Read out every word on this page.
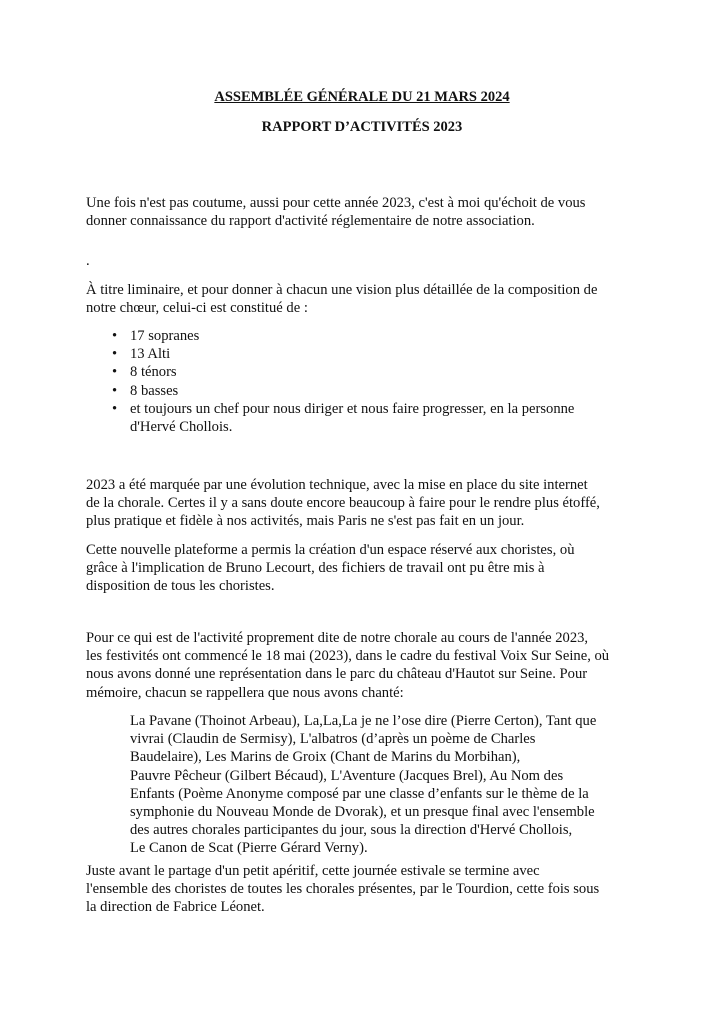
ASSEMBLÉE GÉNÉRALE DU 21 MARS 2024
RAPPORT D’ACTIVITÉS 2023
Une fois n'est pas coutume, aussi pour cette année 2023, c'est à moi qu'échoit de vous
donner connaissance du rapport d'activité réglementaire de notre association.
.
À titre liminaire, et pour donner à chacun une vision plus détaillée de la composition de
notre chœur, celui-ci est constitué de :
• 17 sopranes
• 13 Alti
• 8 ténors
• 8 basses
• et toujours un chef pour nous diriger et nous faire progresser, en la personne
d'Hervé Chollois.
2023 a été marquée par une évolution technique, avec la mise en place du site internet
de la chorale. Certes il y a sans doute encore beaucoup à faire pour le rendre plus étoffé,
plus pratique et fidèle à nos activités, mais Paris ne s'est pas fait en un jour.
Cette nouvelle plateforme a permis la création d'un espace réservé aux choristes, où
grâce à l'implication de Bruno Lecourt, des fichiers de travail ont pu être mis à
disposition de tous les choristes.
Pour ce qui est de l'activité proprement dite de notre chorale au cours de l'année 2023,
les festivités ont commencé le 18 mai (2023), dans le cadre du festival Voix Sur Seine, où
nous avons donné une représentation dans le parc du château d'Hautot sur Seine. Pour
mémoire, chacun se rappellera que nous avons chanté:
La Pavane (Thoinot Arbeau), La,La,La je ne l’ose dire (Pierre Certon), Tant que
vivrai (Claudin de Sermisy), L'albatros (d’après un poème de Charles
Baudelaire), Les Marins de Groix (Chant de Marins du Morbihan),
Pauvre Pêcheur (Gilbert Bécaud), L'Aventure (Jacques Brel), Au Nom des
Enfants (Poème Anonyme composé par une classe d’enfants sur le thème de la
symphonie du Nouveau Monde de Dvorak), et un presque final avec l'ensemble
des autres chorales participantes du jour, sous la direction d'Hervé Chollois,
Le Canon de Scat (Pierre Gérard Verny).
Juste avant le partage d'un petit apéritif, cette journée estivale se termine avec
l'ensemble des choristes de toutes les chorales présentes, par le Tourdion, cette fois sous
la direction de Fabrice Léonet.
